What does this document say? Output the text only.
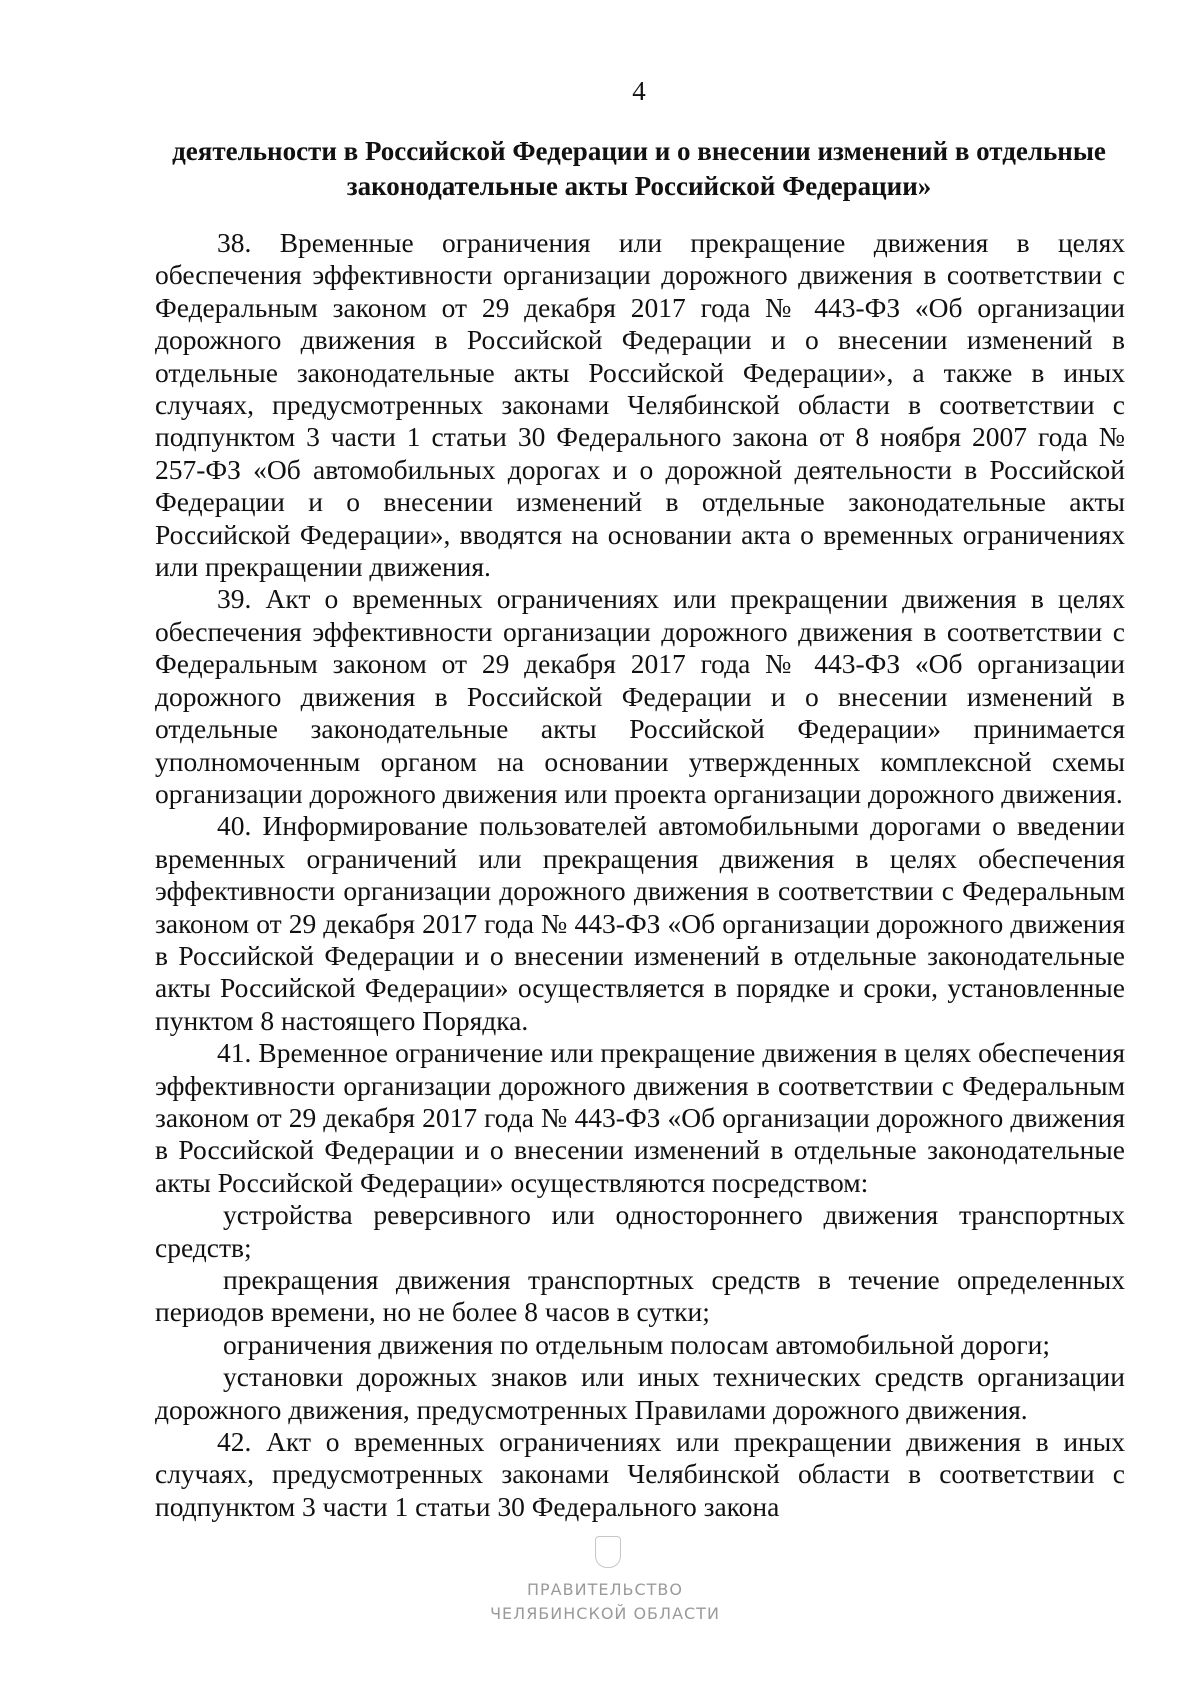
4
деятельности в Российской Федерации и о внесении изменений в отдельные законодательные акты Российской Федерации»

38. Временные ограничения или прекращение движения в целях обеспечения эффективности организации дорожного движения в соответствии с Федеральным законом от 29 декабря 2017 года № 443-ФЗ «Об организации дорожного движения в Российской Федерации и о внесении изменений в отдельные законодательные акты Российской Федерации», а также в иных случаях, предусмотренных законами Челябинской области в соответствии с подпунктом 3 части 1 статьи 30 Федерального закона от 8 ноября 2007 года № 257-ФЗ «Об автомобильных дорогах и о дорожной деятельности в Российской Федерации и о внесении изменений в отдельные законодательные акты Российской Федерации», вводятся на основании акта о временных ограничениях или прекращении движения.

39. Акт о временных ограничениях или прекращении движения в целях обеспечения эффективности организации дорожного движения в соответствии с Федеральным законом от 29 декабря 2017 года № 443-ФЗ «Об организации дорожного движения в Российской Федерации и о внесении изменений в отдельные законодательные акты Российской Федерации» принимается уполномоченным органом на основании утвержденных комплексной схемы организации дорожного движения или проекта организации дорожного движения.

40. Информирование пользователей автомобильными дорогами о введении временных ограничений или прекращения движения в целях обеспечения эффективности организации дорожного движения в соответствии с Федеральным законом от 29 декабря 2017 года № 443-ФЗ «Об организации дорожного движения в Российской Федерации и о внесении изменений в отдельные законодательные акты Российской Федерации» осуществляется в порядке и сроки, установленные пунктом 8 настоящего Порядка.

41. Временное ограничение или прекращение движения в целях обеспечения эффективности организации дорожного движения в соответствии с Федеральным законом от 29 декабря 2017 года № 443-ФЗ «Об организации дорожного движения в Российской Федерации и о внесении изменений в отдельные законодательные акты Российской Федерации» осуществляются посредством:

устройства реверсивного или одностороннего движения транспортных средств;

прекращения движения транспортных средств в течение определенных периодов времени, но не более 8 часов в сутки;

ограничения движения по отдельным полосам автомобильной дороги;

установки дорожных знаков или иных технических средств организации дорожного движения, предусмотренных Правилами дорожного движения.

42. Акт о временных ограничениях или прекращении движения в иных случаях, предусмотренных законами Челябинской области в соответствии с подпунктом 3 части 1 статьи 30 Федерального закона

ПРАВИТЕЛЬСТВО
ЧЕЛЯБИНСКОЙ ОБЛАСТИ
